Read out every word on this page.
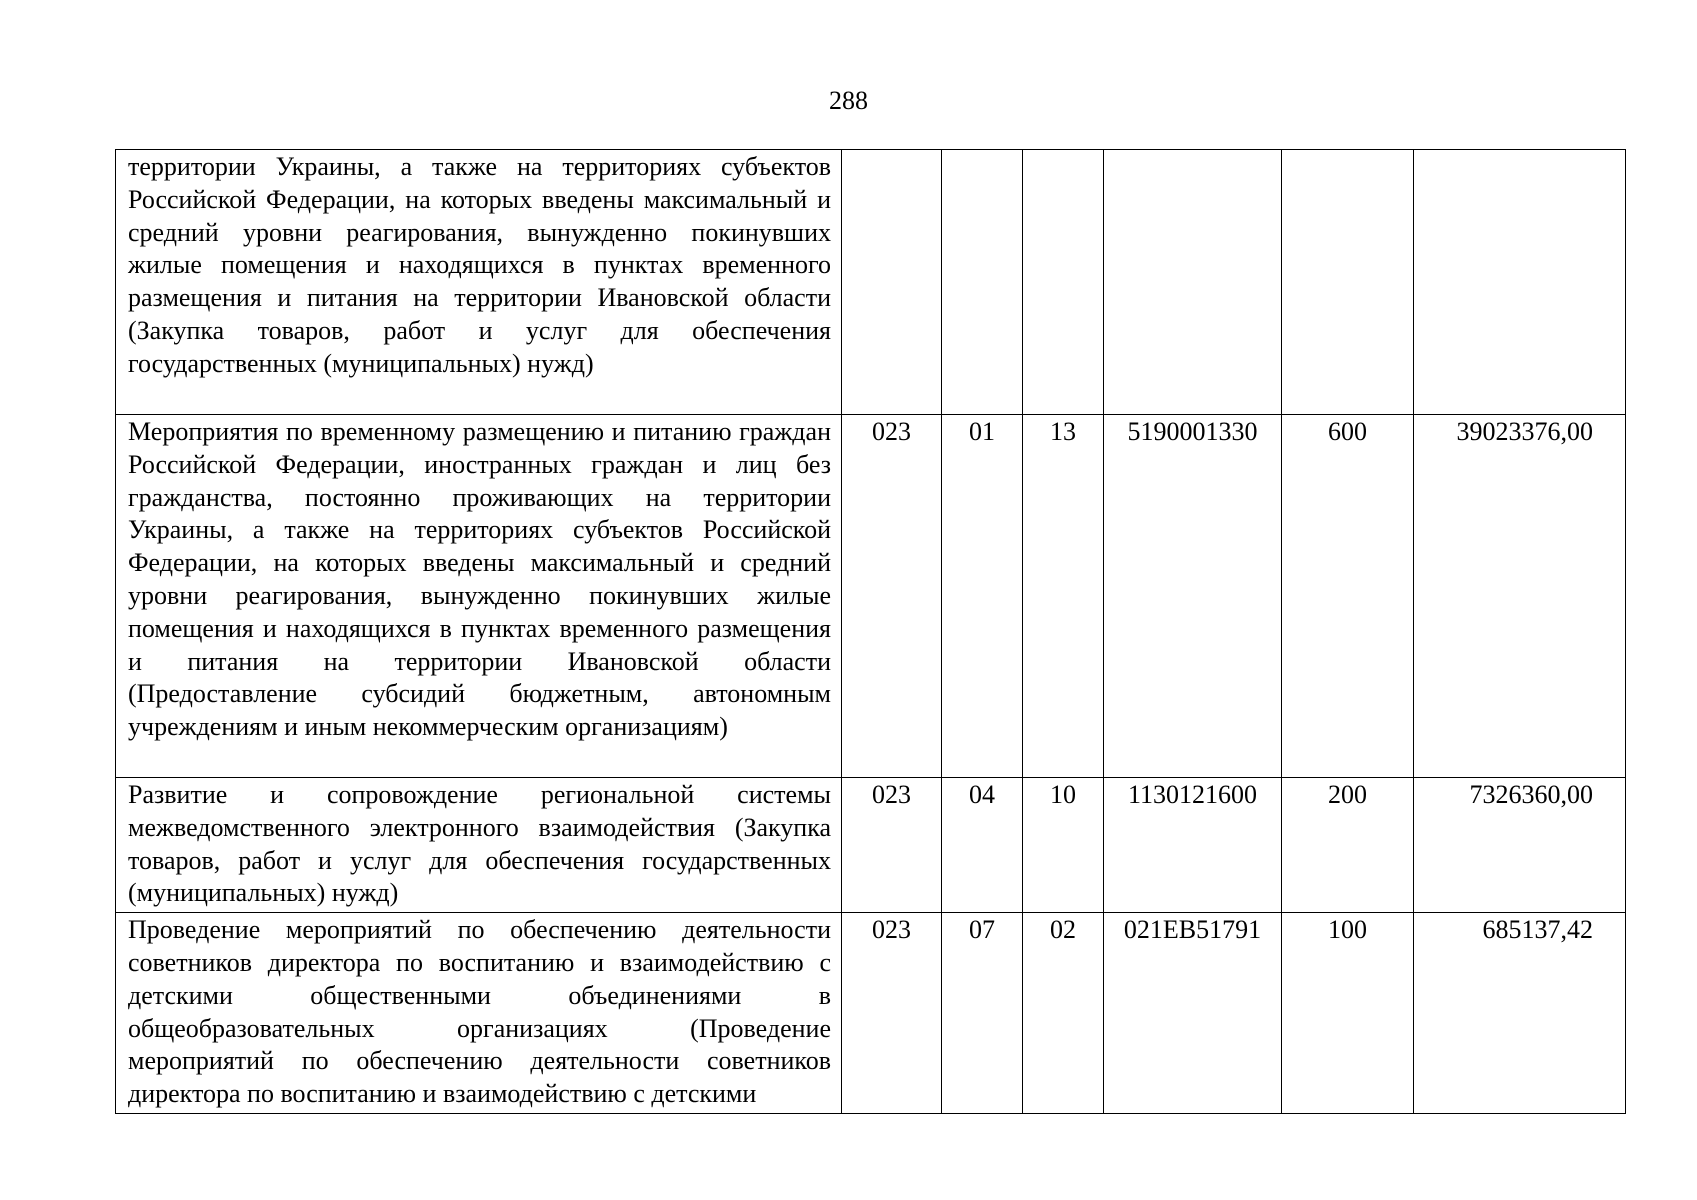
288
территории Украины, а также на территориях субъектов Российской Федерации, на которых введены максимальный и средний уровни реагирования, вынужденно покинувших жилые помещения и находящихся в пунктах временного размещения и питания на территории Ивановской области (Закупка товаров, работ и услуг для обеспечения государственных (муниципальных) нужд)						
Мероприятия по временному размещению и питанию граждан Российской Федерации, иностранных граждан и лиц без гражданства, постоянно проживающих на территории Украины, а также на территориях субъектов Российской Федерации, на которых введены максимальный и средний уровни реагирования, вынужденно покинувших жилые помещения и находящихся в пунктах временного размещения и питания на территории Ивановской области (Предоставление субсидий бюджетным, автономным учреждениям и иным некоммерческим организациям)	023	01	13	5190001330	600	39023376,00
Развитие и сопровождение региональной системы межведомственного электронного взаимодействия (Закупка товаров, работ и услуг для обеспечения государственных (муниципальных) нужд)	023	04	10	1130121600	200	7326360,00
Проведение мероприятий по обеспечению деятельности советников директора по воспитанию и взаимодействию с детскими общественными объединениями в общеобразовательных организациях (Проведение мероприятий по обеспечению деятельности советников директора по воспитанию и взаимодействию с детскими	023	07	02	021EB51791	100	685137,42
